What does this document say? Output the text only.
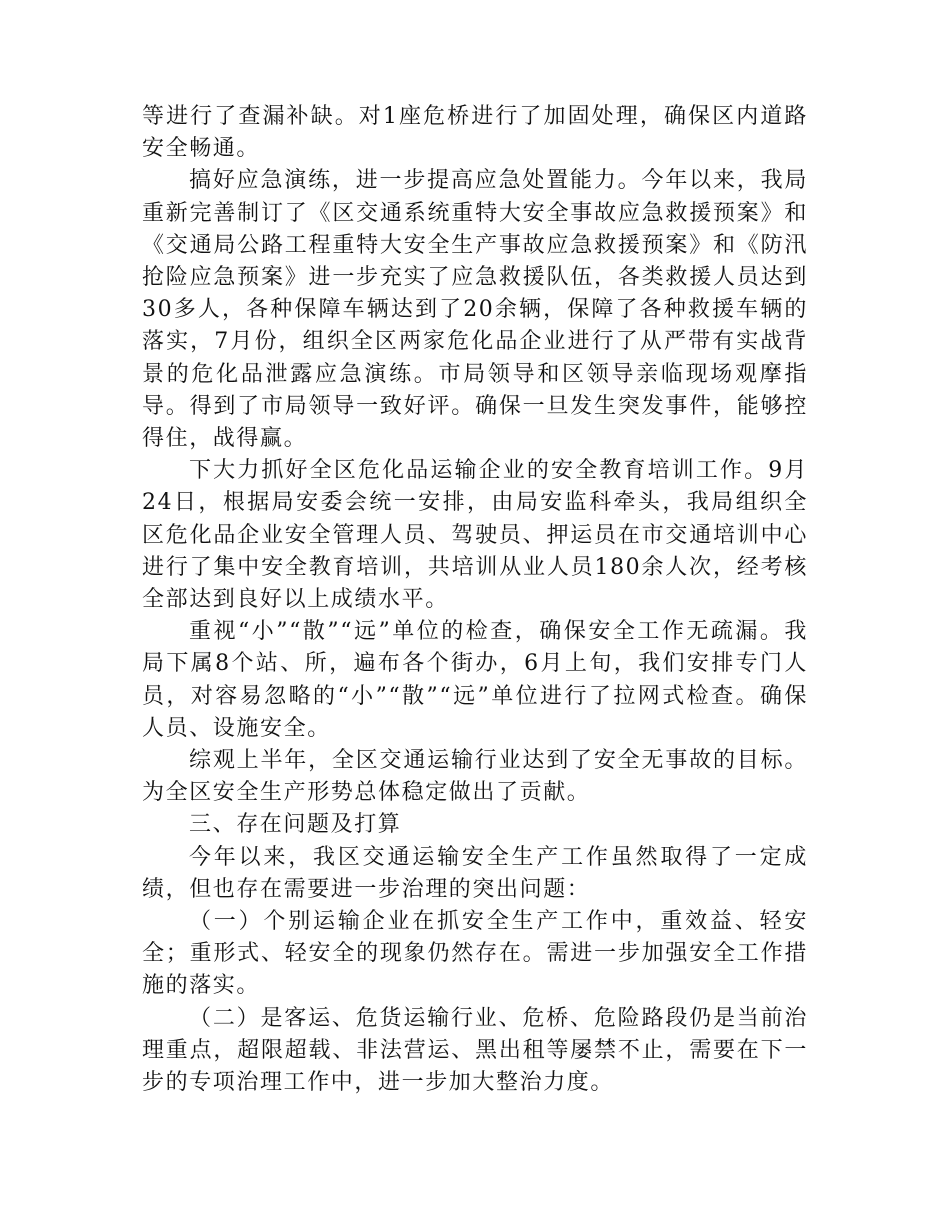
等进行了查漏补缺。对1座危桥进行了加固处理，确保区内道路安全畅通。

搞好应急演练，进一步提高应急处置能力。今年以来，我局重新完善制订了《区交通系统重特大安全事故应急救援预案》和《交通局公路工程重特大安全生产事故应急救援预案》和《防汛抢险应急预案》进一步充实了应急救援队伍，各类救援人员达到30多人，各种保障车辆达到了20余辆，保障了各种救援车辆的落实，7月份，组织全区两家危化品企业进行了从严带有实战背景的危化品泄露应急演练。市局领导和区领导亲临现场观摩指导。得到了市局领导一致好评。确保一旦发生突发事件，能够控得住，战得赢。

下大力抓好全区危化品运输企业的安全教育培训工作。9月24日，根据局安委会统一安排，由局安监科牵头，我局组织全区危化品企业安全管理人员、驾驶员、押运员在市交通培训中心进行了集中安全教育培训，共培训从业人员180余人次，经考核全部达到良好以上成绩水平。

重视“小”“散”“远”单位的检查，确保安全工作无疏漏。我局下属8个站、所，遍布各个街办，6月上旬，我们安排专门人员，对容易忽略的“小”“散”“远”单位进行了拉网式检查。确保人员、设施安全。

综观上半年，全区交通运输行业达到了安全无事故的目标。为全区安全生产形势总体稳定做出了贡献。

三、存在问题及打算

今年以来，我区交通运输安全生产工作虽然取得了一定成绩，但也存在需要进一步治理的突出问题：

（一）个别运输企业在抓安全生产工作中，重效益、轻安全；重形式、轻安全的现象仍然存在。需进一步加强安全工作措施的落实。

（二）是客运、危货运输行业、危桥、危险路段仍是当前治理重点，超限超载、非法营运、黑出租等屡禁不止，需要在下一步的专项治理工作中，进一步加大整治力度。
